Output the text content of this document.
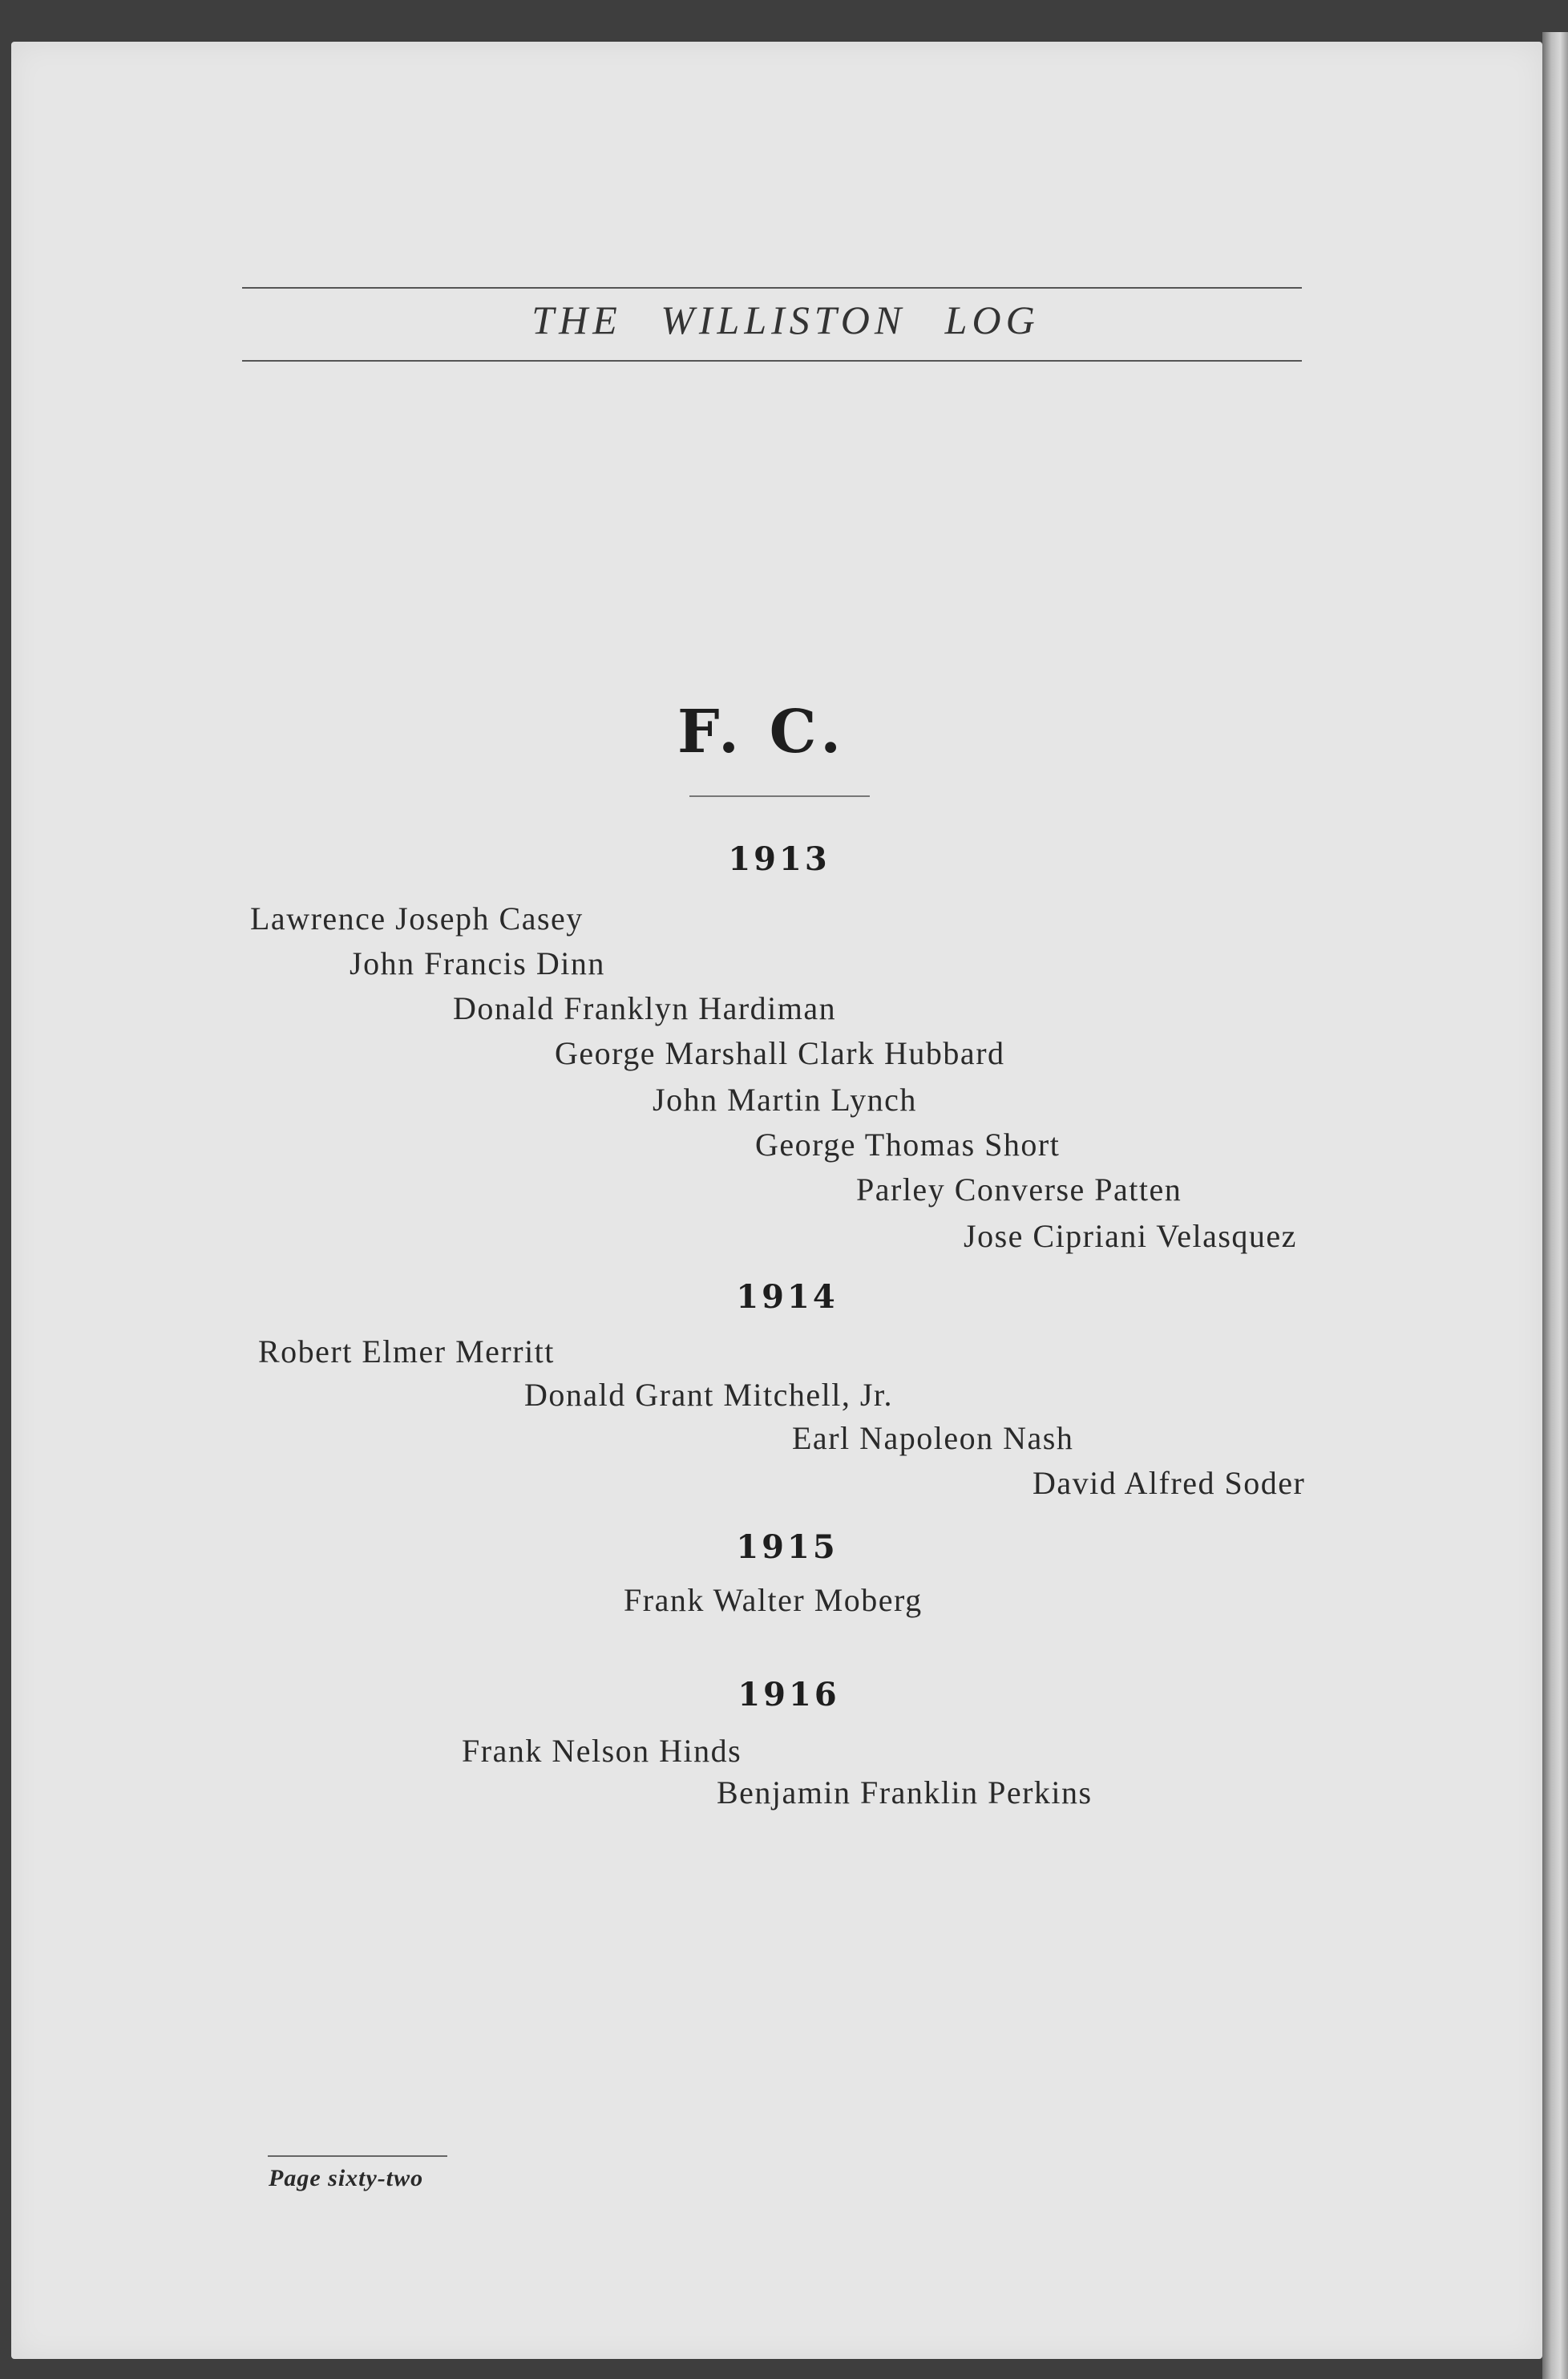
THE WILLISTON LOG
F. C.
1913
Lawrence Joseph Casey
John Francis Dinn
Donald Franklyn Hardiman
George Marshall Clark Hubbard
John Martin Lynch
George Thomas Short
Parley Converse Patten
Jose Cipriani Velasquez
1914
Robert Elmer Merritt
Donald Grant Mitchell, Jr.
Earl Napoleon Nash
David Alfred Soder
1915
Frank Walter Moberg
1916
Frank Nelson Hinds
Benjamin Franklin Perkins
Page sixty-two
